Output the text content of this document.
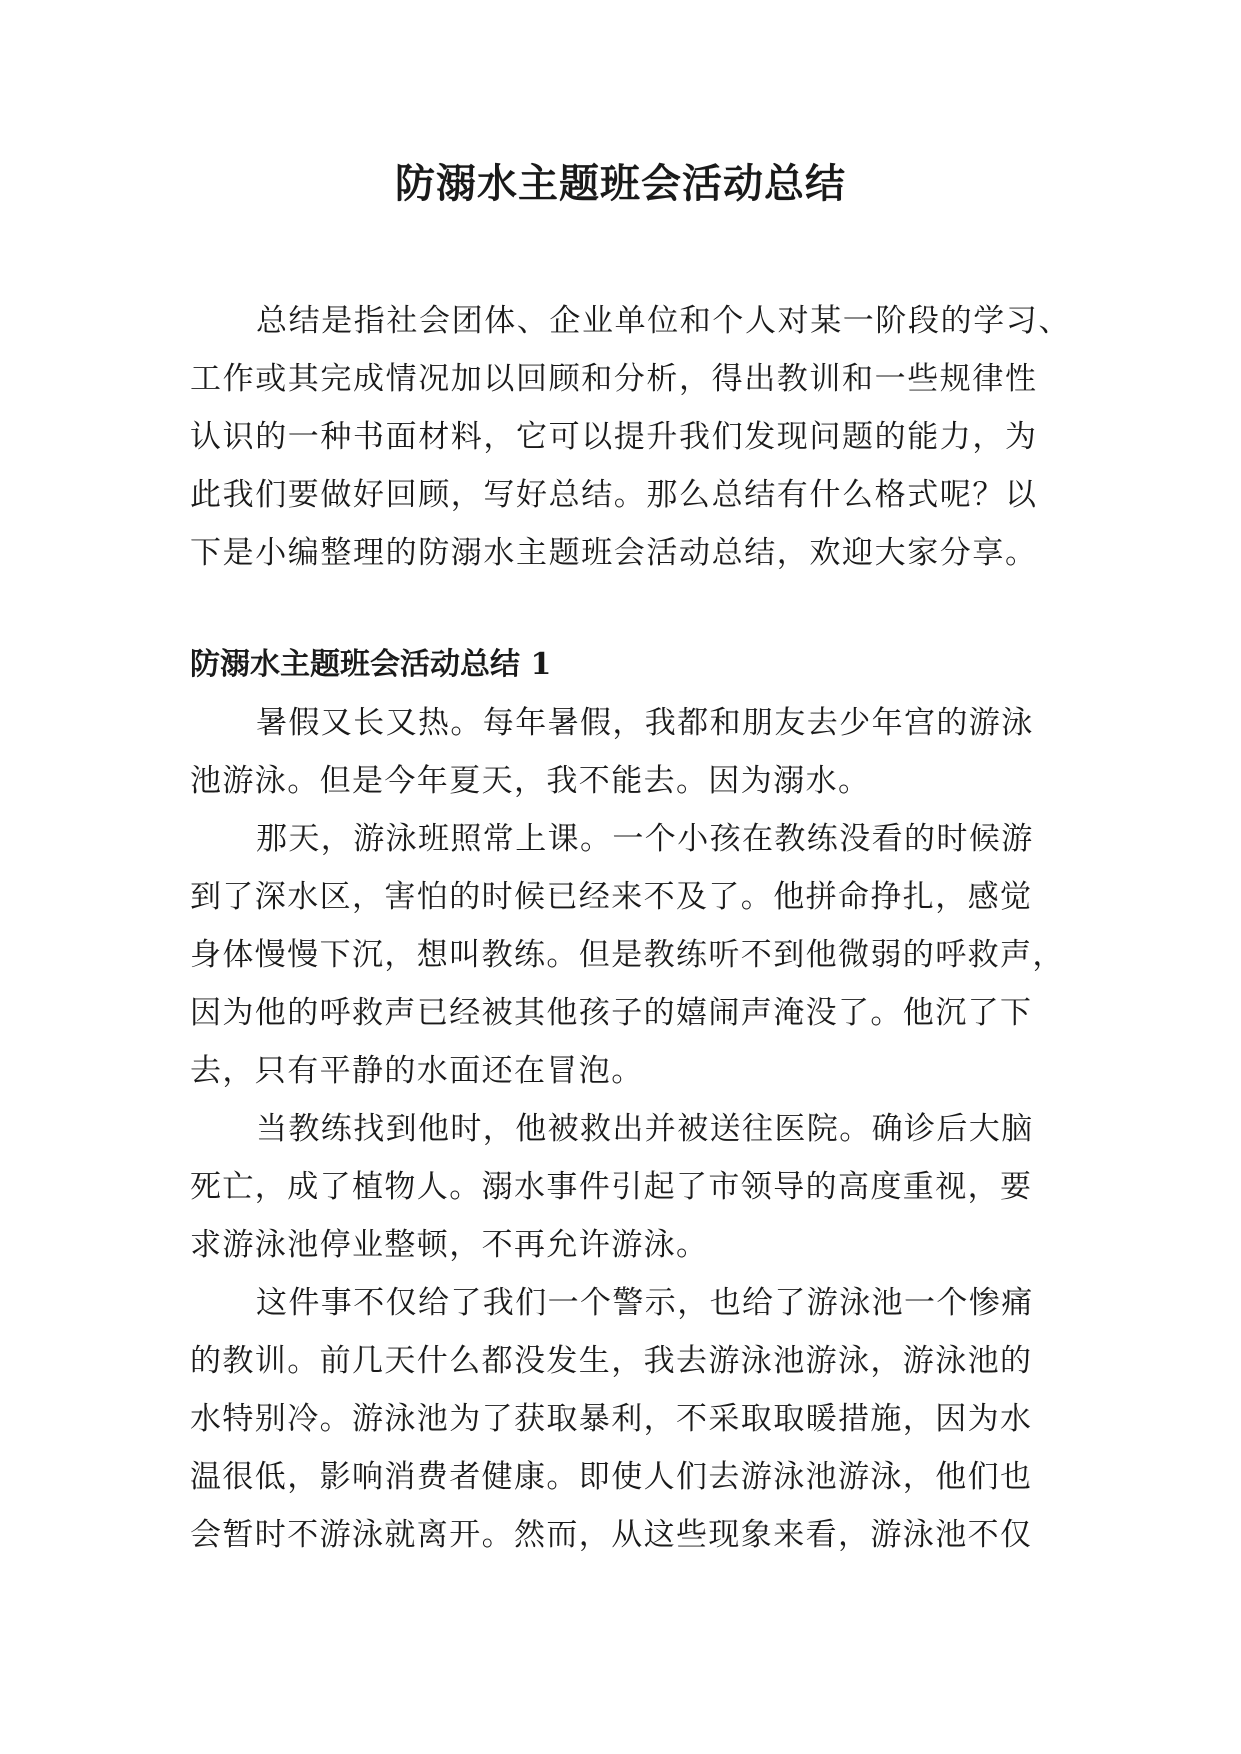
防溺水主题班会活动总结
总结是指社会团体、企业单位和个人对某一阶段的学习、
工作或其完成情况加以回顾和分析，得出教训和一些规律性
认识的一种书面材料，它可以提升我们发现问题的能力，为
此我们要做好回顾，写好总结。那么总结有什么格式呢？以
下是小编整理的防溺水主题班会活动总结，欢迎大家分享。
防溺水主题班会活动总结 1
暑假又长又热。每年暑假，我都和朋友去少年宫的游泳
池游泳。但是今年夏天，我不能去。因为溺水。
那天，游泳班照常上课。一个小孩在教练没看的时候游
到了深水区，害怕的时候已经来不及了。他拼命挣扎，感觉
身体慢慢下沉，想叫教练。但是教练听不到他微弱的呼救声，
因为他的呼救声已经被其他孩子的嬉闹声淹没了。他沉了下
去，只有平静的水面还在冒泡。
当教练找到他时，他被救出并被送往医院。确诊后大脑
死亡，成了植物人。溺水事件引起了市领导的高度重视，要
求游泳池停业整顿，不再允许游泳。
这件事不仅给了我们一个警示，也给了游泳池一个惨痛
的教训。前几天什么都没发生，我去游泳池游泳，游泳池的
水特别冷。游泳池为了获取暴利，不采取取暖措施，因为水
温很低，影响消费者健康。即使人们去游泳池游泳，他们也
会暂时不游泳就离开。然而，从这些现象来看，游泳池不仅
